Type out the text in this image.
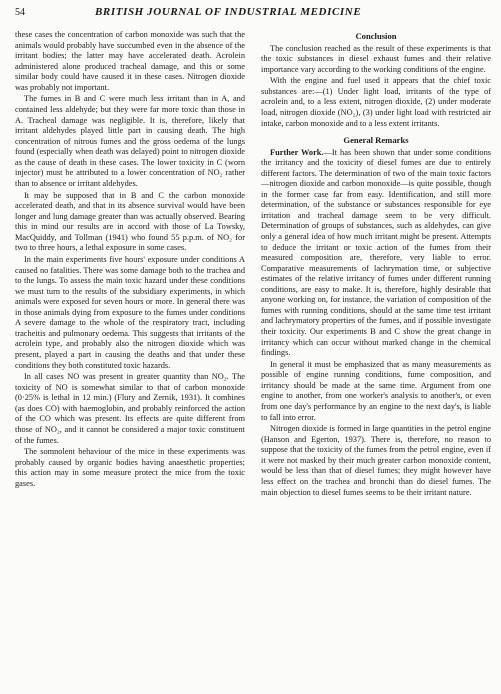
54	BRITISH JOURNAL OF INDUSTRIAL MEDICINE

these cases the concentration of carbon monoxide was such that the animals would probably have succumbed even in the absence of the irritant bodies; the latter may have accelerated death. Acrolein administered alone produced tracheal damage, and this or some similar body could have caused it in these cases. Nitrogen dioxide was probably not important.

The fumes in B and C were much less irritant than in A, and contained less aldehyde; but they were far more toxic than those in A. Tracheal damage was negligible. It is, therefore, likely that irritant aldehydes played little part in causing death. The high concentration of nitrous fumes and the gross oedema of the lungs found (especially when death was delayed) point to nitrogen dioxide as the cause of death in these cases. The lower toxicity in C (worn injector) must be attributed to a lower concentration of NO₂ rather than to absence or irritant aldehydes.

It may be supposed that in B and C the carbon monoxide accelerated death, and that in its absence survival would have been longer and lung damage greater than was actually observed. Bearing this in mind our results are in accord with those of La Towsky, MacQuiddy, and Tollman (1941) who found 55 p.p.m. of NO₂ for two to three hours, a lethal exposure in some cases.

In the main experiments five hours' exposure under conditions A caused no fatalities. There was some damage both to the trachea and to the lungs. To assess the main toxic hazard under these conditions we must turn to the results of the subsidiary experiments, in which animals were exposed for seven hours or more. In general there was in those animals dying from exposure to the fumes under conditions A severe damage to the whole of the respiratory tract, including tracheitis and pulmonary oedema. This suggests that irritants of the acrolein type, and probably also the nitrogen dioxide which was present, played a part in causing the deaths and that under these conditions they both constituted toxic hazards.

In all cases NO was present in greater quantity than NO₂. The toxicity of NO is somewhat similar to that of carbon monoxide (0·25% is lethal in 12 min.) (Flury and Zernik, 1931). It combines (as does CO) with haemoglobin, and probably reinforced the action of the CO which was present. Its effects are quite different from those of NO₂, and it cannot be considered a major toxic constituent of the fumes.

The somnolent behaviour of the mice in these experiments was probably caused by organic bodies having anaesthetic properties; this action may in some measure protect the mice from the toxic gases.

Conclusion

The conclusion reached as the result of these experiments is that the toxic substances in diesel exhaust fumes and their relative importance vary according to the working conditions of the engine.

With the engine and fuel used it appears that the chief toxic substances are:—(1) Under light load, irritants of the type of acrolein and, to a less extent, nitrogen dioxide, (2) under moderate load, nitrogen dioxide (NO₂), (3) under light load with restricted air intake, carbon monoxide and to a less extent irritants.

General Remarks

Further Work.—It has been shown that under some conditions the irritancy and the toxicity of diesel fumes are due to entirely different factors. The determination of two of the main toxic factors—nitrogen dioxide and carbon monoxide—is quite possible, though in the former case far from easy. Identification, and still more determination, of the substance or substances responsible for eye irritation and tracheal damage seem to be very difficult. Determination of groups of substances, such as aldehydes, can give only a general idea of how much irritant might be present. Attempts to deduce the irritant or toxic action of the fumes from their measured composition are, therefore, very liable to error. Comparative measurements of lachrymation time, or subjective estimates of the relative irritancy of fumes under different running conditions, are easy to make. It is, therefore, highly desirable that anyone working on, for instance, the variation of composition of the fumes with running conditions, should at the same time test irritant and lachrymatory properties of the fumes, and if possible investigate their toxicity. Our experiments B and C show the great change in irritancy which can occur without marked change in the chemical findings.

In general it must be emphasized that as many measurements as possible of engine running conditions, fume composition, and irritancy should be made at the same time. Argument from one engine to another, from one worker's analysis to another's, or even from one day's performance by an engine to the next day's, is liable to fall into error.

Nitrogen dioxide is formed in large quantities in the petrol engine (Hanson and Egerton, 1937). There is, therefore, no reason to suppose that the toxicity of the fumes from the petrol engine, even if it were not masked by their much greater carbon monoxide content, would be less than that of diesel fumes; they might however have less effect on the trachea and bronchi than do diesel fumes. The main objection to diesel fumes seems to be their irritant nature.
